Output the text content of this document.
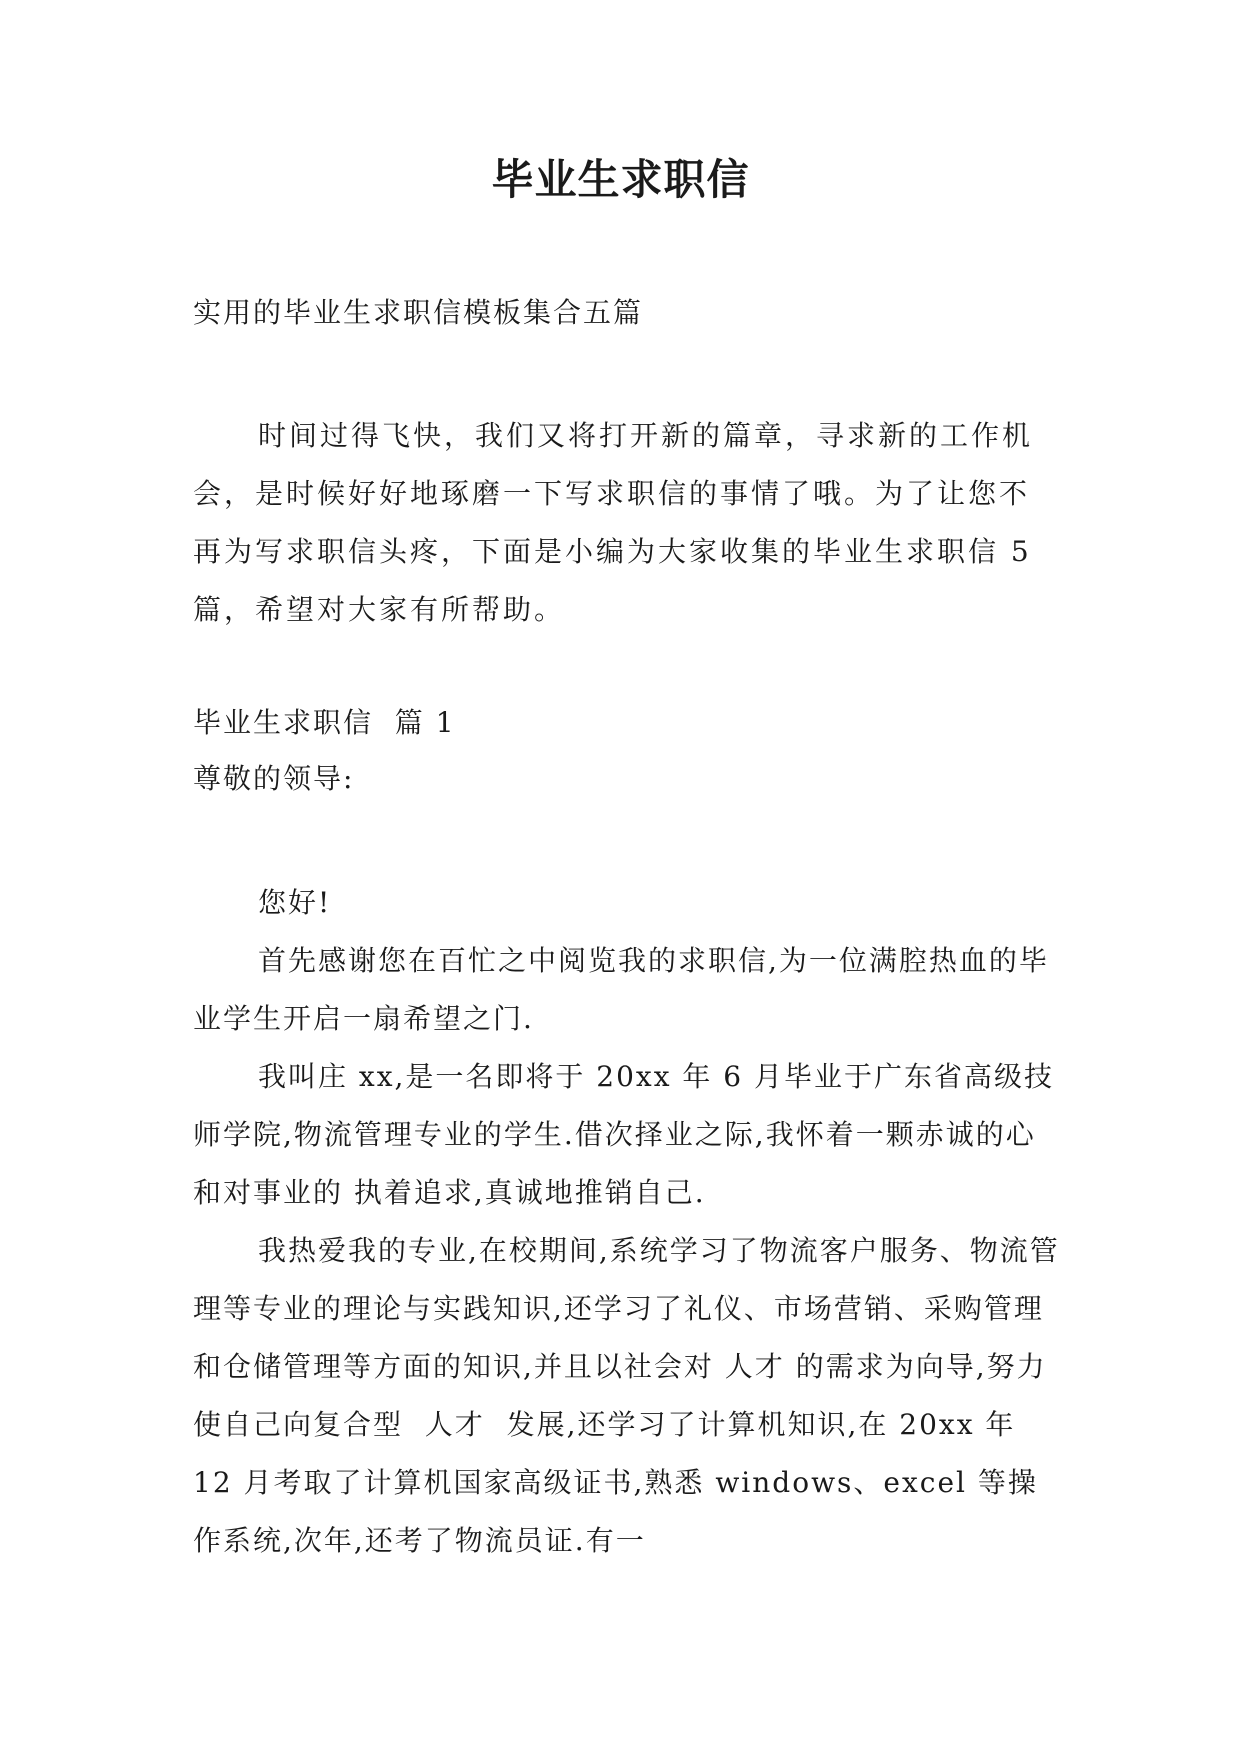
毕业生求职信
实用的毕业生求职信模板集合五篇

时间过得飞快，我们又将打开新的篇章，寻求新的工作机会，是时候好好地琢磨一下写求职信的事情了哦。为了让您不再为写求职信头疼，下面是小编为大家收集的毕业生求职信 5 篇，希望对大家有所帮助。

毕业生求职信  篇 1
尊敬的领导:

您好!

首先感谢您在百忙之中阅览我的求职信,为一位满腔热血的毕业学生开启一扇希望之门.

我叫庄 xx,是一名即将于 20xx 年 6 月毕业于广东省高级技师学院,物流管理专业的学生.借次择业之际,我怀着一颗赤诚的心和对事业的 执着追求,真诚地推销自己.

我热爱我的专业,在校期间,系统学习了物流客户服务、物流管理等专业的理论与实践知识,还学习了礼仪、市场营销、采购管理和仓储管理等方面的知识,并且以社会对 人才 的需求为向导,努力使自己向复合型  人才  发展,还学习了计算机知识,在 20xx 年 12 月考取了计算机国家高级证书,熟悉 windows、excel 等操作系统,次年,还考了物流员证.有一
